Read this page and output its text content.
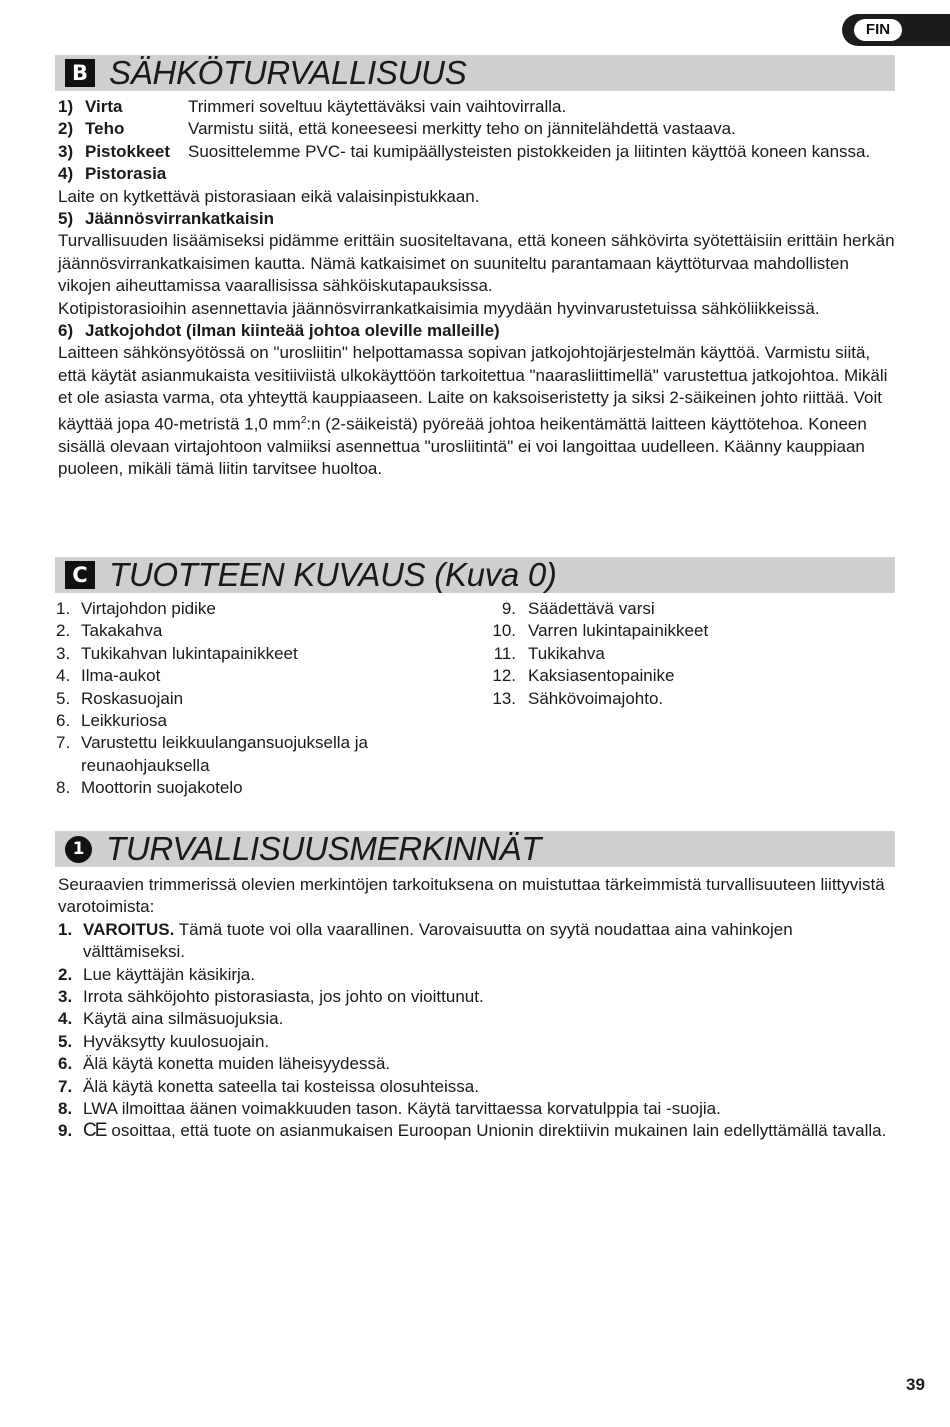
FIN
B SÄHKÖTURVALLISUUS
1) Virta	Trimmeri soveltuu käytettäväksi vain vaihtovirralla.
2) Teho	Varmistu siitä, että koneeseesi merkitty teho on jännitelähdettä vastaava.
3) Pistokkeet	Suosittelemme PVC- tai kumipäällysteisten pistokkeiden ja liitinten käyttöä koneen kanssa.
4) Pistorasia
Laite on kytkettävä pistorasiaan eikä valaisinpistukkaan.
5) Jäännösvirrankatkaisin
Turvallisuuden lisäämiseksi pidämme erittäin suositeltavana, että koneen sähkövirta syötettäisiin erittäin herkän jäännösvirrankatkaisimen kautta. Nämä katkaisimet on suuniteltu parantamaan käyttöturvaa mahdollisten vikojen aiheuttamissa vaarallisissa sähköiskutapauksissa.
Kotipistorasioihin asennettavia jäännösvirrankatkaisimia myydään hyvinvarustetuissa sähköliikkeissä.
6) Jatkojohdot (ilman kiinteää johtoa oleville malleille)
Laitteen sähkönsyötössä on "urosliitin" helpottamassa sopivan jatkojohtojärjestelmän käyttöä. Varmistu siitä, että käytät asianmukaista vesitiiviistä ulkokäyttöön tarkoitettua "naarasliittimellä" varustettua jatkojohtoa. Mikäli et ole asiasta varma, ota yhteyttä kauppiaaseen. Laite on kaksoiseristetty ja siksi 2-säikeinen johto riittää. Voit käyttää jopa 40-metristä 1,0 $mm^2:n$ (2-säikeistä) pyöreää johtoa heikentämättä laitteen käyttötehoa. Koneen sisällä olevaan virtajohtoon valmiiksi asennettua "urosliitintä" ei voi langoittaa uudelleen. Käänny kauppiaan puoleen, mikäli tämä liitin tarvitsee huoltoa.
C TUOTTEEN KUVAUS (Kuva 0)
1. Virtajohdon pidike
2. Takakahva
3. Tukikahvan lukintapainikkeet
4. Ilma-aukot
5. Roskasuojain
6. Leikkuriosa
7. Varustettu leikkuulangansuojuksella ja reunaohjauksella
8. Moottorin suojakotelo
9. Säädettävä varsi
10. Varren lukintapainikkeet
11. Tukikahva
12. Kaksiasentopainike
13. Sähkövoimajohto.
1 TURVALLISUUSMERKINNÄT
Seuraavien trimmerissä olevien merkintöjen tarkoituksena on muistuttaa tärkeimmistä turvallisuuteen liittyvistä varotoimista:
1. VAROITUS. Tämä tuote voi olla vaarallinen. Varovaisuutta on syytä noudattaa aina vahinkojen välttämiseksi.
2. Lue käyttäjän käsikirja.
3. Irrota sähköjohto pistorasiasta, jos johto on vioittunut.
4. Käytä aina silmäsuojuksia.
5. Hyväksytty kuulosuojain.
6. Älä käytä konetta muiden läheisyydessä.
7. Älä käytä konetta sateella tai kosteissa olosuhteissa.
8. LWA ilmoittaa äänen voimakkuuden tason. Käytä tarvittaessa korvatulppia tai -suojia.
9. CE osoittaa, että tuote on asianmukaisen Euroopan Unionin direktiivin mukainen lain edellyttämällä tavalla.
39
